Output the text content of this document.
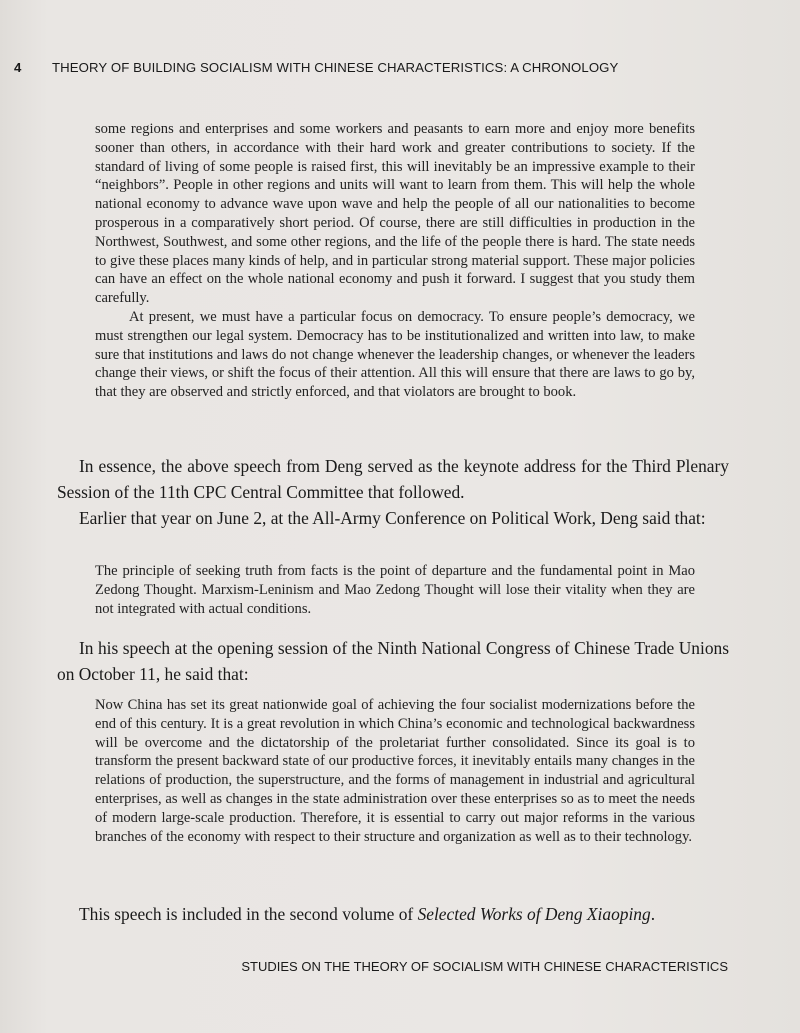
4 THEORY OF BUILDING SOCIALISM WITH CHINESE CHARACTERISTICS: A CHRONOLOGY

some regions and enterprises and some workers and peasants to earn more and enjoy more benefits sooner than others, in accordance with their hard work and greater contributions to society. If the standard of living of some people is raised first, this will inevitably be an impressive example to their “neighbors”. People in other regions and units will want to learn from them. This will help the whole national economy to advance wave upon wave and help the people of all our nationalities to become prosperous in a comparatively short period. Of course, there are still difficulties in production in the Northwest, Southwest, and some other regions, and the life of the people there is hard. The state needs to give these places many kinds of help, and in particular strong material support. These major policies can have an effect on the whole national economy and push it forward. I suggest that you study them carefully.

At present, we must have a particular focus on democracy. To ensure people’s democracy, we must strengthen our legal system. Democracy has to be institutionalized and written into law, to make sure that institutions and laws do not change whenever the leadership changes, or whenever the leaders change their views, or shift the focus of their attention. All this will ensure that there are laws to go by, that they are observed and strictly enforced, and that violators are brought to book.

In essence, the above speech from Deng served as the keynote address for the Third Plenary Session of the 11th CPC Central Committee that followed.

Earlier that year on June 2, at the All-Army Conference on Political Work, Deng said that:

The principle of seeking truth from facts is the point of departure and the fundamental point in Mao Zedong Thought. Marxism-Leninism and Mao Zedong Thought will lose their vitality when they are not integrated with actual conditions.

In his speech at the opening session of the Ninth National Congress of Chinese Trade Unions on October 11, he said that:

Now China has set its great nationwide goal of achieving the four socialist modernizations before the end of this century. It is a great revolution in which China’s economic and technological backwardness will be overcome and the dictatorship of the proletariat further consolidated. Since its goal is to transform the present backward state of our productive forces, it inevitably entails many changes in the relations of production, the superstructure, and the forms of management in industrial and agricultural enterprises, as well as changes in the state administration over these enterprises so as to meet the needs of modern large-scale production. Therefore, it is essential to carry out major reforms in the various branches of the economy with respect to their structure and organization as well as to their technology.

This speech is included in the second volume of Selected Works of Deng Xiaoping.

STUDIES ON THE THEORY OF SOCIALISM WITH CHINESE CHARACTERISTICS
